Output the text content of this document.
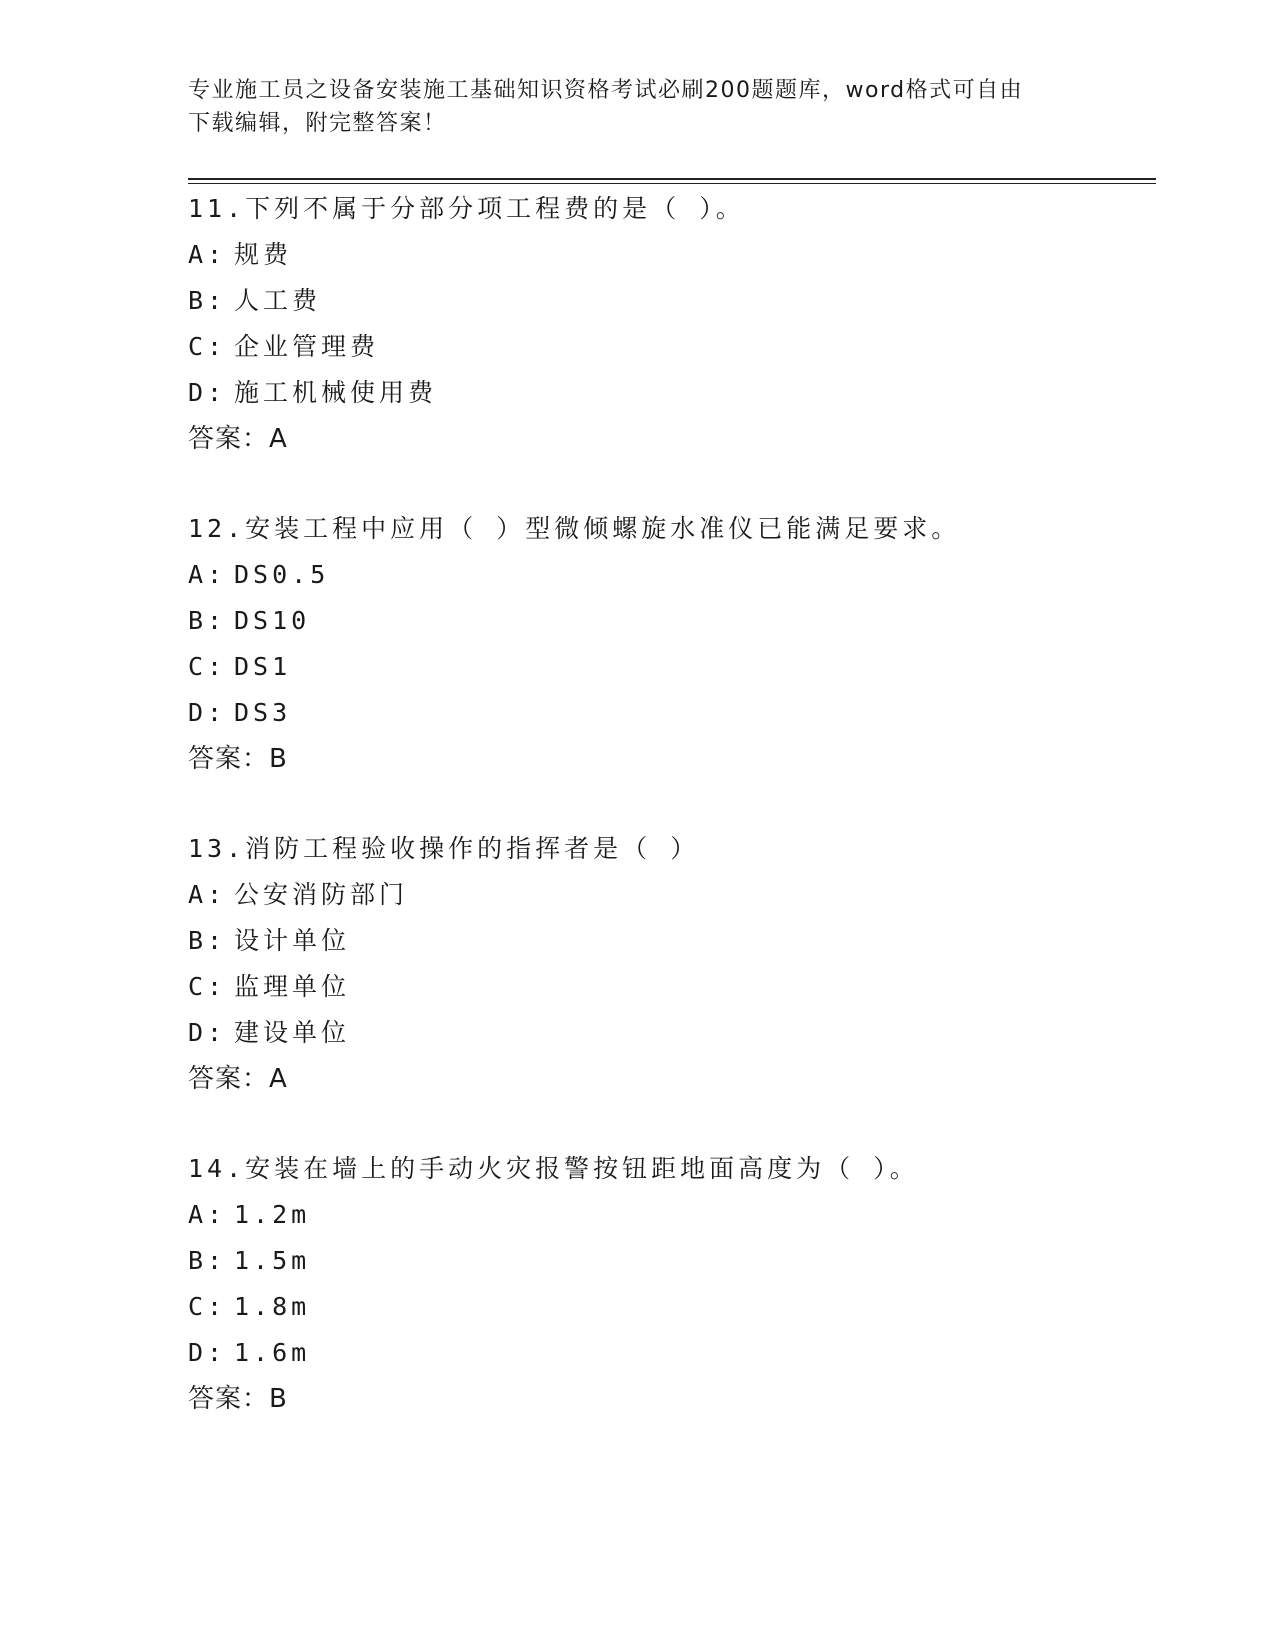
专业施工员之设备安装施工基础知识资格考试必刷200题题库，word格式可自由
下载编辑，附完整答案！
11.下列不属于分部分项工程费的是（ ）。
A: 规费
B: 人工费
C: 企业管理费
D: 施工机械使用费
答案：A
12.安装工程中应用（ ）型微倾螺旋水准仪已能满足要求。
A: DS0.5
B: DS10
C: DS1
D: DS3
答案：B
13.消防工程验收操作的指挥者是（ ）
A: 公安消防部门
B: 设计单位
C: 监理单位
D: 建设单位
答案：A
14.安装在墙上的手动火灾报警按钮距地面高度为（ ）。
A: 1.2m
B: 1.5m
C: 1.8m
D: 1.6m
答案：B
